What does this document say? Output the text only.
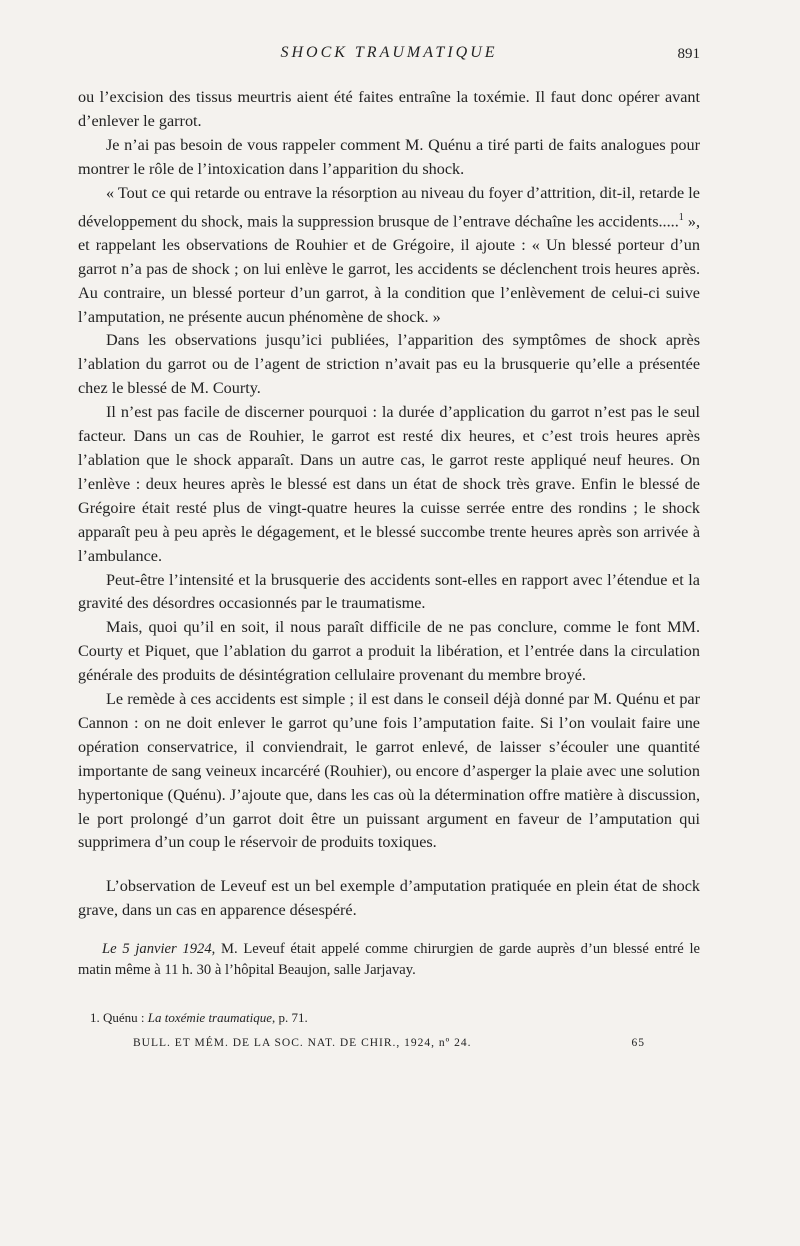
SHOCK TRAUMATIQUE	891

ou l’excision des tissus meurtris aient été faites entraîne la toxémie. Il faut donc opérer avant d’enlever le garrot.

Je n’ai pas besoin de vous rappeler comment M. Quénu a tiré parti de faits analogues pour montrer le rôle de l’intoxication dans l’apparition du shock.

« Tout ce qui retarde ou entrave la résorption au niveau du foyer d’attrition, dit-il, retarde le développement du shock, mais la suppression brusque de l’entrave déchaîne les accidents.....$^1$ », et rappelant les observations de Rouhier et de Grégoire, il ajoute : « Un blessé porteur d’un garrot n’a pas de shock ; on lui enlève le garrot, les accidents se déclenchent trois heures après. Au contraire, un blessé porteur d’un garrot, à la condition que l’enlèvement de celui-ci suive l’amputation, ne présente aucun phénomène de shock. »

Dans les observations jusqu’ici publiées, l’apparition des symptômes de shock après l’ablation du garrot ou de l’agent de striction n’avait pas eu la brusquerie qu’elle a présentée chez le blessé de M. Courty.

Il n’est pas facile de discerner pourquoi : la durée d’application du garrot n’est pas le seul facteur. Dans un cas de Rouhier, le garrot est resté dix heures, et c’est trois heures après l’ablation que le shock apparaît. Dans un autre cas, le garrot reste appliqué neuf heures. On l’enlève : deux heures après le blessé est dans un état de shock très grave. Enfin le blessé de Grégoire était resté plus de vingt-quatre heures la cuisse serrée entre des rondins ; le shock apparaît peu à peu après le dégagement, et le blessé succombe trente heures après son arrivée à l’ambulance.

Peut-être l’intensité et la brusquerie des accidents sont-elles en rapport avec l’étendue et la gravité des désordres occasionnés par le traumatisme.

Mais, quoi qu’il en soit, il nous paraît difficile de ne pas conclure, comme le font MM. Courty et Piquet, que l’ablation du garrot a produit la libération, et l’entrée dans la circulation générale des produits de désintégration cellulaire provenant du membre broyé.

Le remède à ces accidents est simple ; il est dans le conseil déjà donné par M. Quénu et par Cannon : on ne doit enlever le garrot qu’une fois l’amputation faite. Si l’on voulait faire une opération conservatrice, il conviendrait, le garrot enlevé, de laisser s’écouler une quantité importante de sang veineux incarcéré (Rouhier), ou encore d’asperger la plaie avec une solution hypertonique (Quénu). J’ajoute que, dans les cas où la détermination offre matière à discussion, le port prolongé d’un garrot doit être un puissant argument en faveur de l’amputation qui supprimera d’un coup le réservoir de produits toxiques.

L’observation de Leveuf est un bel exemple d’amputation pratiquée en plein état de shock grave, dans un cas en apparence désespéré.

Le 5 janvier 1924, M. Leveuf était appelé comme chirurgien de garde auprès d’un blessé entré le matin même à 11 h. 30 à l’hôpital Beaujon, salle Jarjavay.

1. Quénu : La toxémie traumatique, p. 71.
BULL. ET MÉM. DE LA SOC. NAT. DE CHIR., 1924, nº 24.	65
